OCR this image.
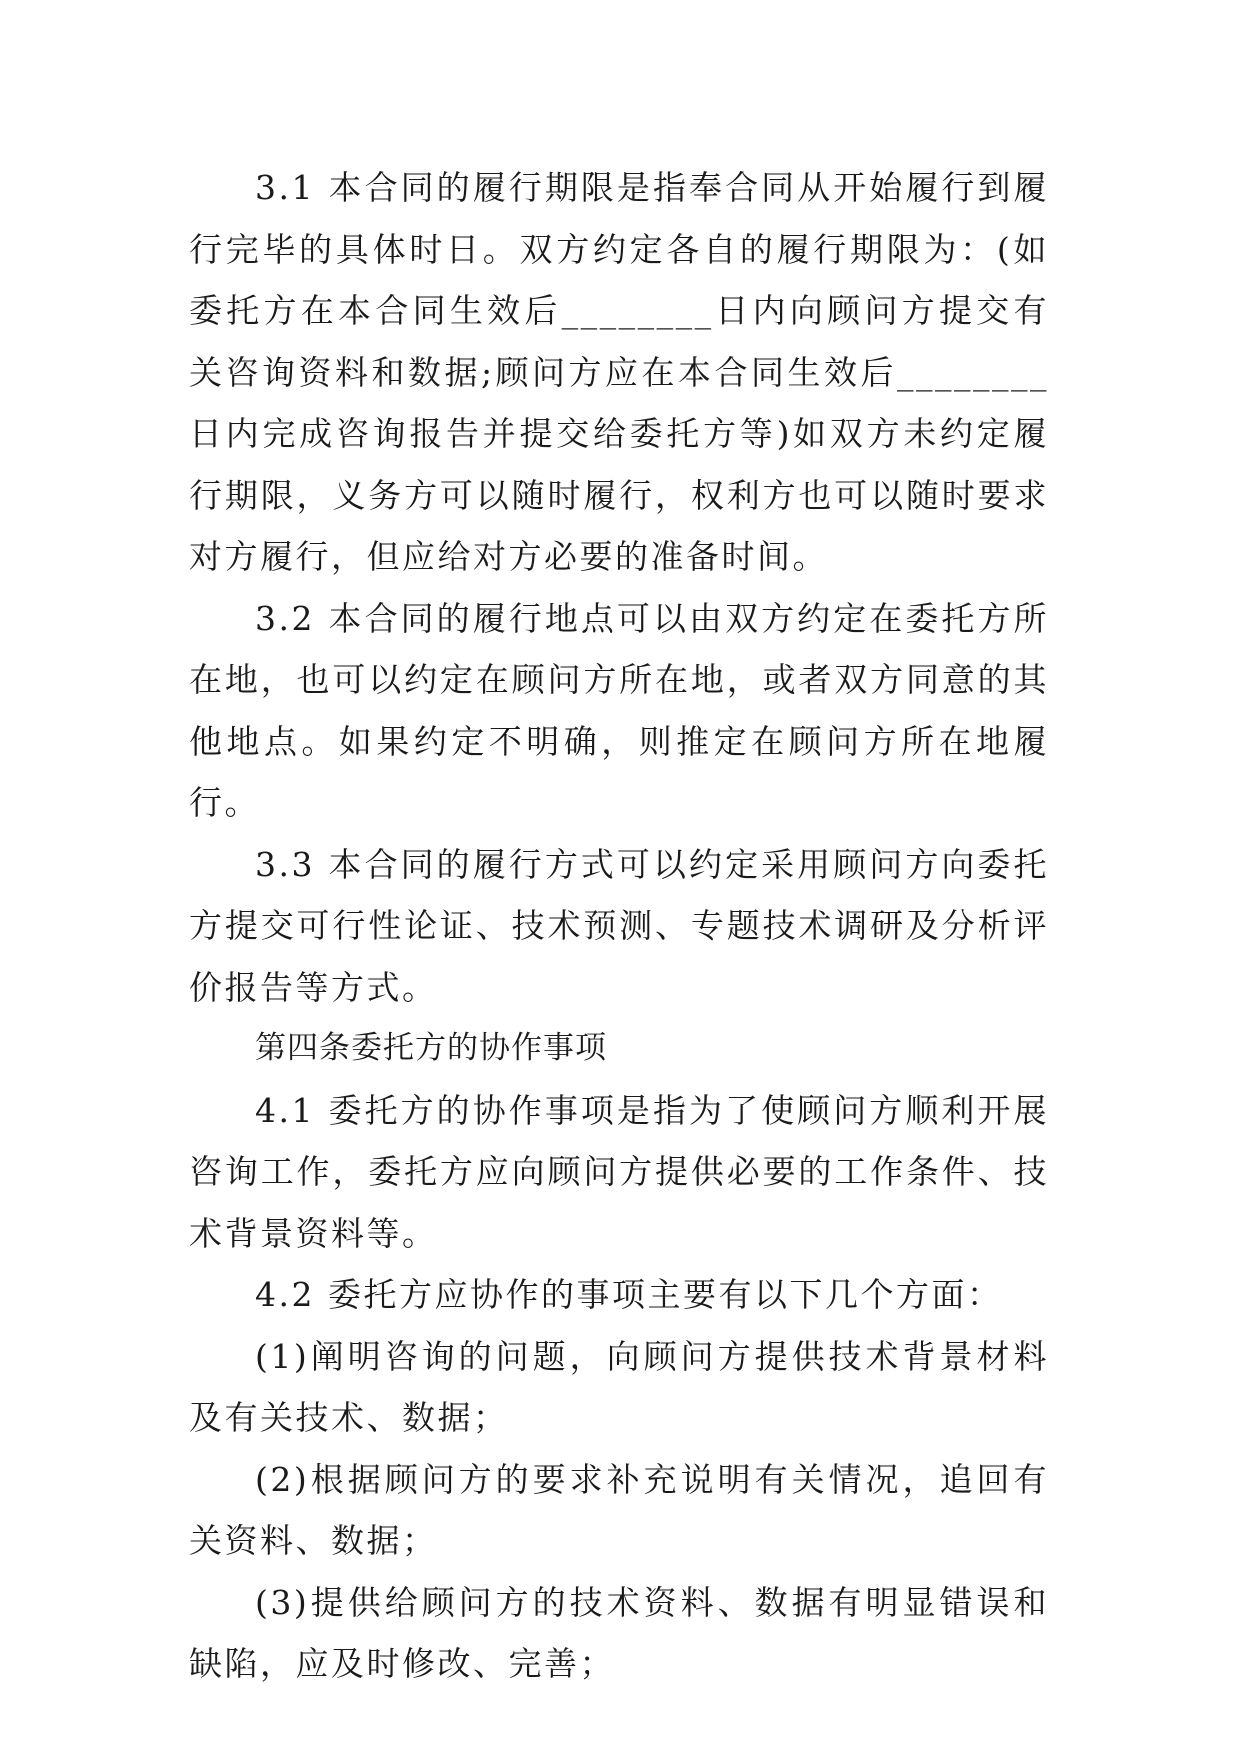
3.1 本合同的履行期限是指奉合同从开始履行到履行完毕的具体时日。双方约定各自的履行期限为：(如委托方在本合同生效后________日内向顾问方提交有关咨询资料和数据;顾问方应在本合同生效后________日内完成咨询报告并提交给委托方等)如双方未约定履行期限，义务方可以随时履行，权利方也可以随时要求对方履行，但应给对方必要的准备时间。

3.2 本合同的履行地点可以由双方约定在委托方所在地，也可以约定在顾问方所在地，或者双方同意的其他地点。如果约定不明确，则推定在顾问方所在地履行。

3.3 本合同的履行方式可以约定采用顾问方向委托方提交可行性论证、技术预测、专题技术调研及分析评价报告等方式。

第四条委托方的协作事项

4.1 委托方的协作事项是指为了使顾问方顺利开展咨询工作，委托方应向顾问方提供必要的工作条件、技术背景资料等。

4.2 委托方应协作的事项主要有以下几个方面：

(1)阐明咨询的问题，向顾问方提供技术背景材料及有关技术、数据；

(2)根据顾问方的要求补充说明有关情况，追回有关资料、数据；

(3)提供给顾问方的技术资料、数据有明显错误和缺陷，应及时修改、完善；
